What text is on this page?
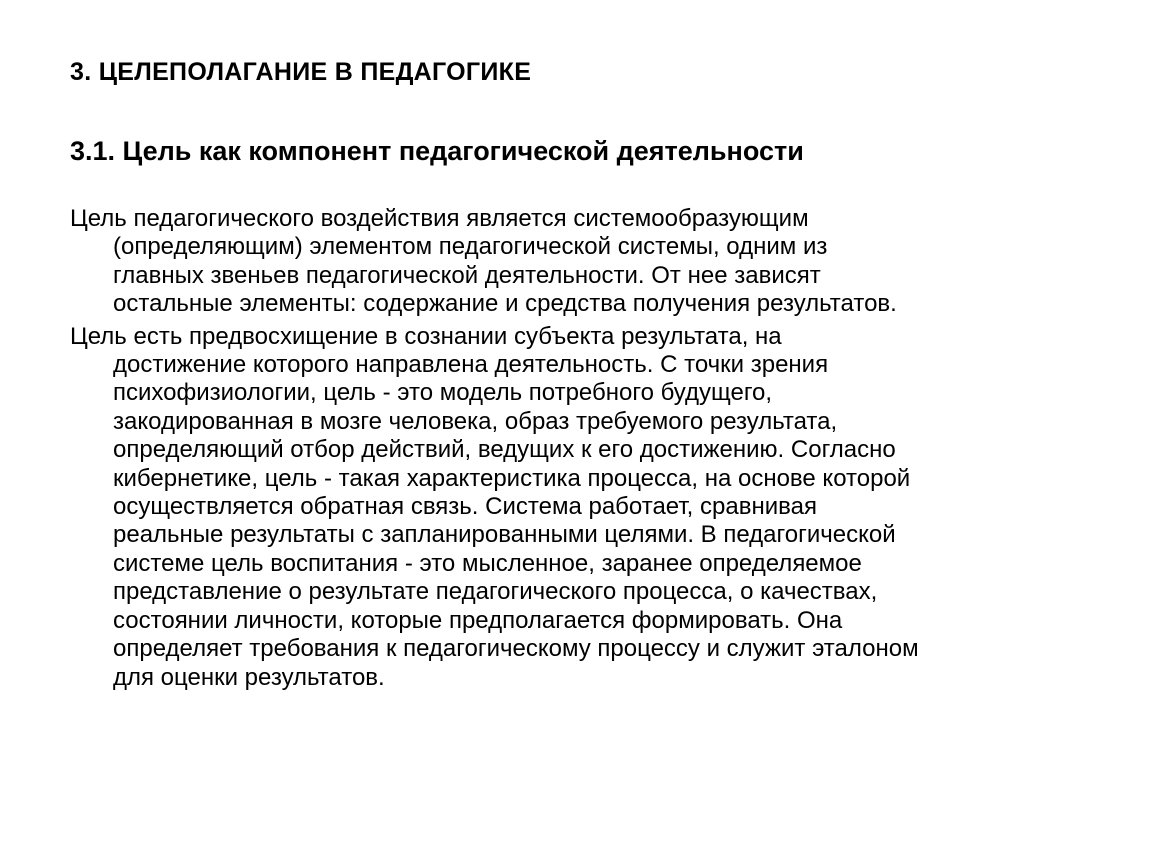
3. ЦЕЛЕПОЛАГАНИЕ В ПЕДАГОГИКЕ
3.1. Цель как компонент педагогической деятельности
Цель педагогического воздействия является системообразующим
(определяющим) элементом педагогической системы, одним из
главных звеньев педагогической деятельности. От нее зависят
остальные элементы: содержание и средства получения результатов.
Цель есть предвосхищение в сознании субъекта результата, на
достижение которого направлена деятельность. С точки зрения
психофизиологии, цель - это модель потребного будущего,
закодированная в мозге человека, образ требуемого результата,
определяющий отбор действий, ведущих к его достижению. Согласно
кибернетике, цель - такая характеристика процесса, на основе которой
осуществляется обратная связь. Система работает, сравнивая
реальные результаты с запланированными целями. В педагогической
системе цель воспитания - это мысленное, заранее определяемое
представление о результате педагогического процесса, о качествах,
состоянии личности, которые предполагается формировать. Она
определяет требования к педагогическому процессу и служит эталоном
для оценки результатов.
